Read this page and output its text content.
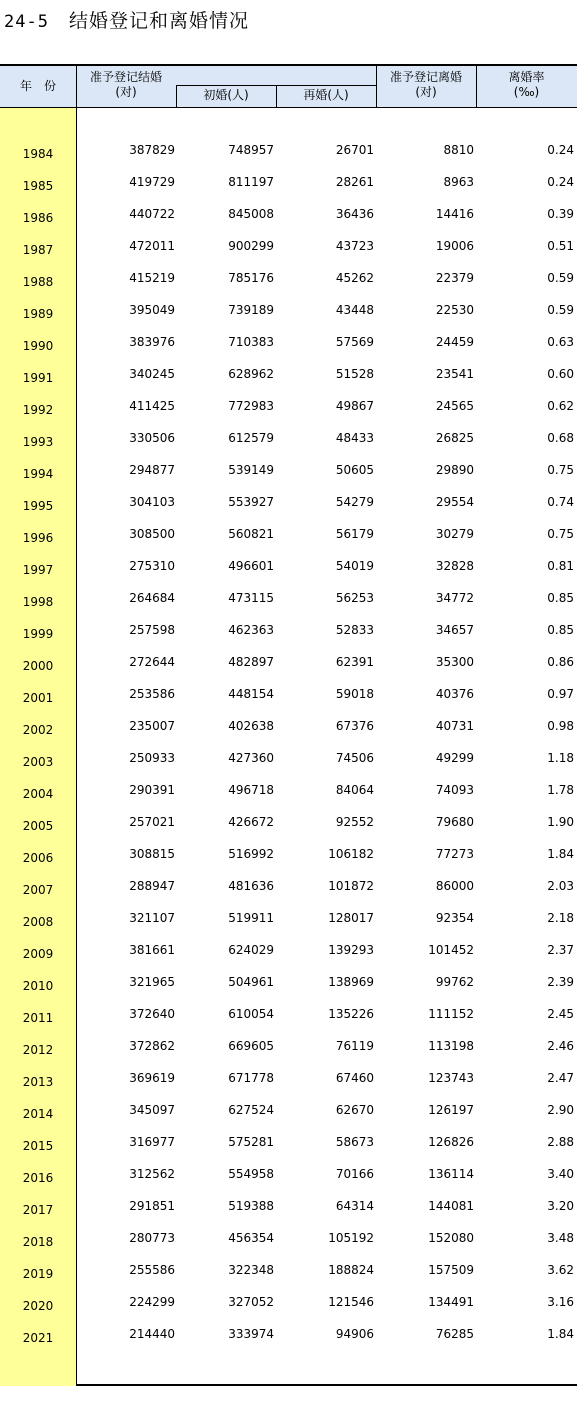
24-5 结婚登记和离婚情况
年　份
准予登记结婚
(对)	初婚(人)	再婚(人)
准予登记离婚
(对)
离婚率
(‰)
1984	387829	748957	26701	8810	0.24
1985	419729	811197	28261	8963	0.24
1986	440722	845008	36436	14416	0.39
1987	472011	900299	43723	19006	0.51
1988	415219	785176	45262	22379	0.59
1989	395049	739189	43448	22530	0.59
1990	383976	710383	57569	24459	0.63
1991	340245	628962	51528	23541	0.60
1992	411425	772983	49867	24565	0.62
1993	330506	612579	48433	26825	0.68
1994	294877	539149	50605	29890	0.75
1995	304103	553927	54279	29554	0.74
1996	308500	560821	56179	30279	0.75
1997	275310	496601	54019	32828	0.81
1998	264684	473115	56253	34772	0.85
1999	257598	462363	52833	34657	0.85
2000	272644	482897	62391	35300	0.86
2001	253586	448154	59018	40376	0.97
2002	235007	402638	67376	40731	0.98
2003	250933	427360	74506	49299	1.18
2004	290391	496718	84064	74093	1.78
2005	257021	426672	92552	79680	1.90
2006	308815	516992	106182	77273	1.84
2007	288947	481636	101872	86000	2.03
2008	321107	519911	128017	92354	2.18
2009	381661	624029	139293	101452	2.37
2010	321965	504961	138969	99762	2.39
2011	372640	610054	135226	111152	2.45
2012	372862	669605	76119	113198	2.46
2013	369619	671778	67460	123743	2.47
2014	345097	627524	62670	126197	2.90
2015	316977	575281	58673	126826	2.88
2016	312562	554958	70166	136114	3.40
2017	291851	519388	64314	144081	3.20
2018	280773	456354	105192	152080	3.48
2019	255586	322348	188824	157509	3.62
2020	224299	327052	121546	134491	3.16
2021	214440	333974	94906	76285	1.84
